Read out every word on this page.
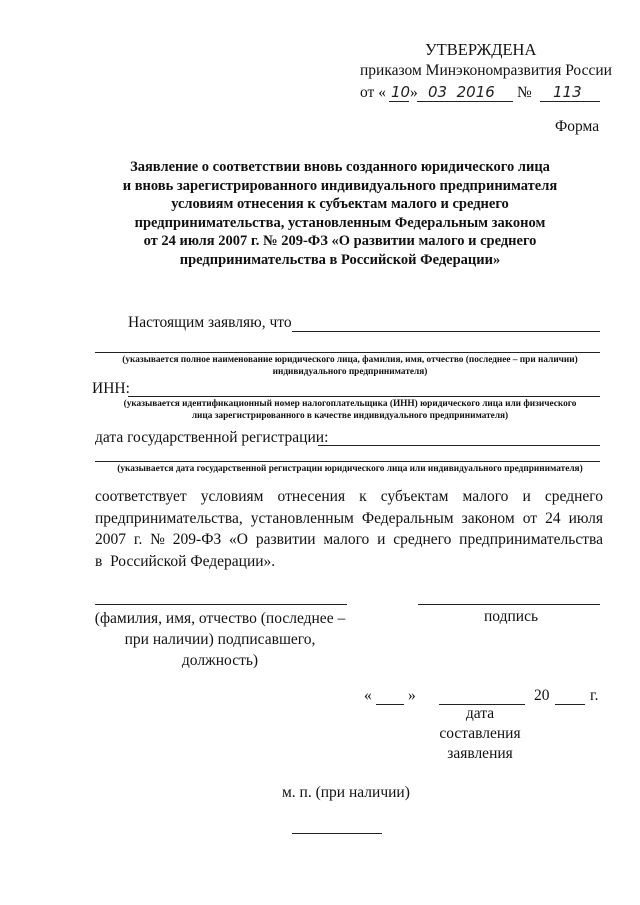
УТВЕРЖДЕНА
приказом Минэкономразвития России
от « 10 » 03  2016 № 113
Форма
Заявление о соответствии вновь созданного юридического лица
и вновь зарегистрированного индивидуального предпринимателя
условиям отнесения к субъектам малого и среднего
предпринимательства, установленным Федеральным законом
от 24 июля 2007 г. № 209-ФЗ «О развитии малого и среднего
предпринимательства в Российской Федерации»
Настоящим заявляю, что
(указывается полное наименование юридического лица, фамилия, имя, отчество (последнее – при наличии)
индивидуального предпринимателя)
ИНН:
(указывается идентификационный номер налогоплательщика (ИНН) юридического лица или физического
лица зарегистрированного в качестве индивидуального предпринимателя)
дата государственной регистрации:
(указывается дата государственной регистрации юридического лица или индивидуального предпринимателя)
соответствует   условиям   отнесения   к   субъектам   малого   и   среднего
предпринимательства,  установленным  Федеральным  законом  от  24  июля
2007  г.  №  209-ФЗ  «О  развитии  малого  и  среднего  предпринимательства
в  Российской Федерации».
(фамилия, имя, отчество (последнее –
при наличии) подписавшего,
должность)
подпись
« »	20	г.
дата
составления
заявления
м. п. (при наличии)
